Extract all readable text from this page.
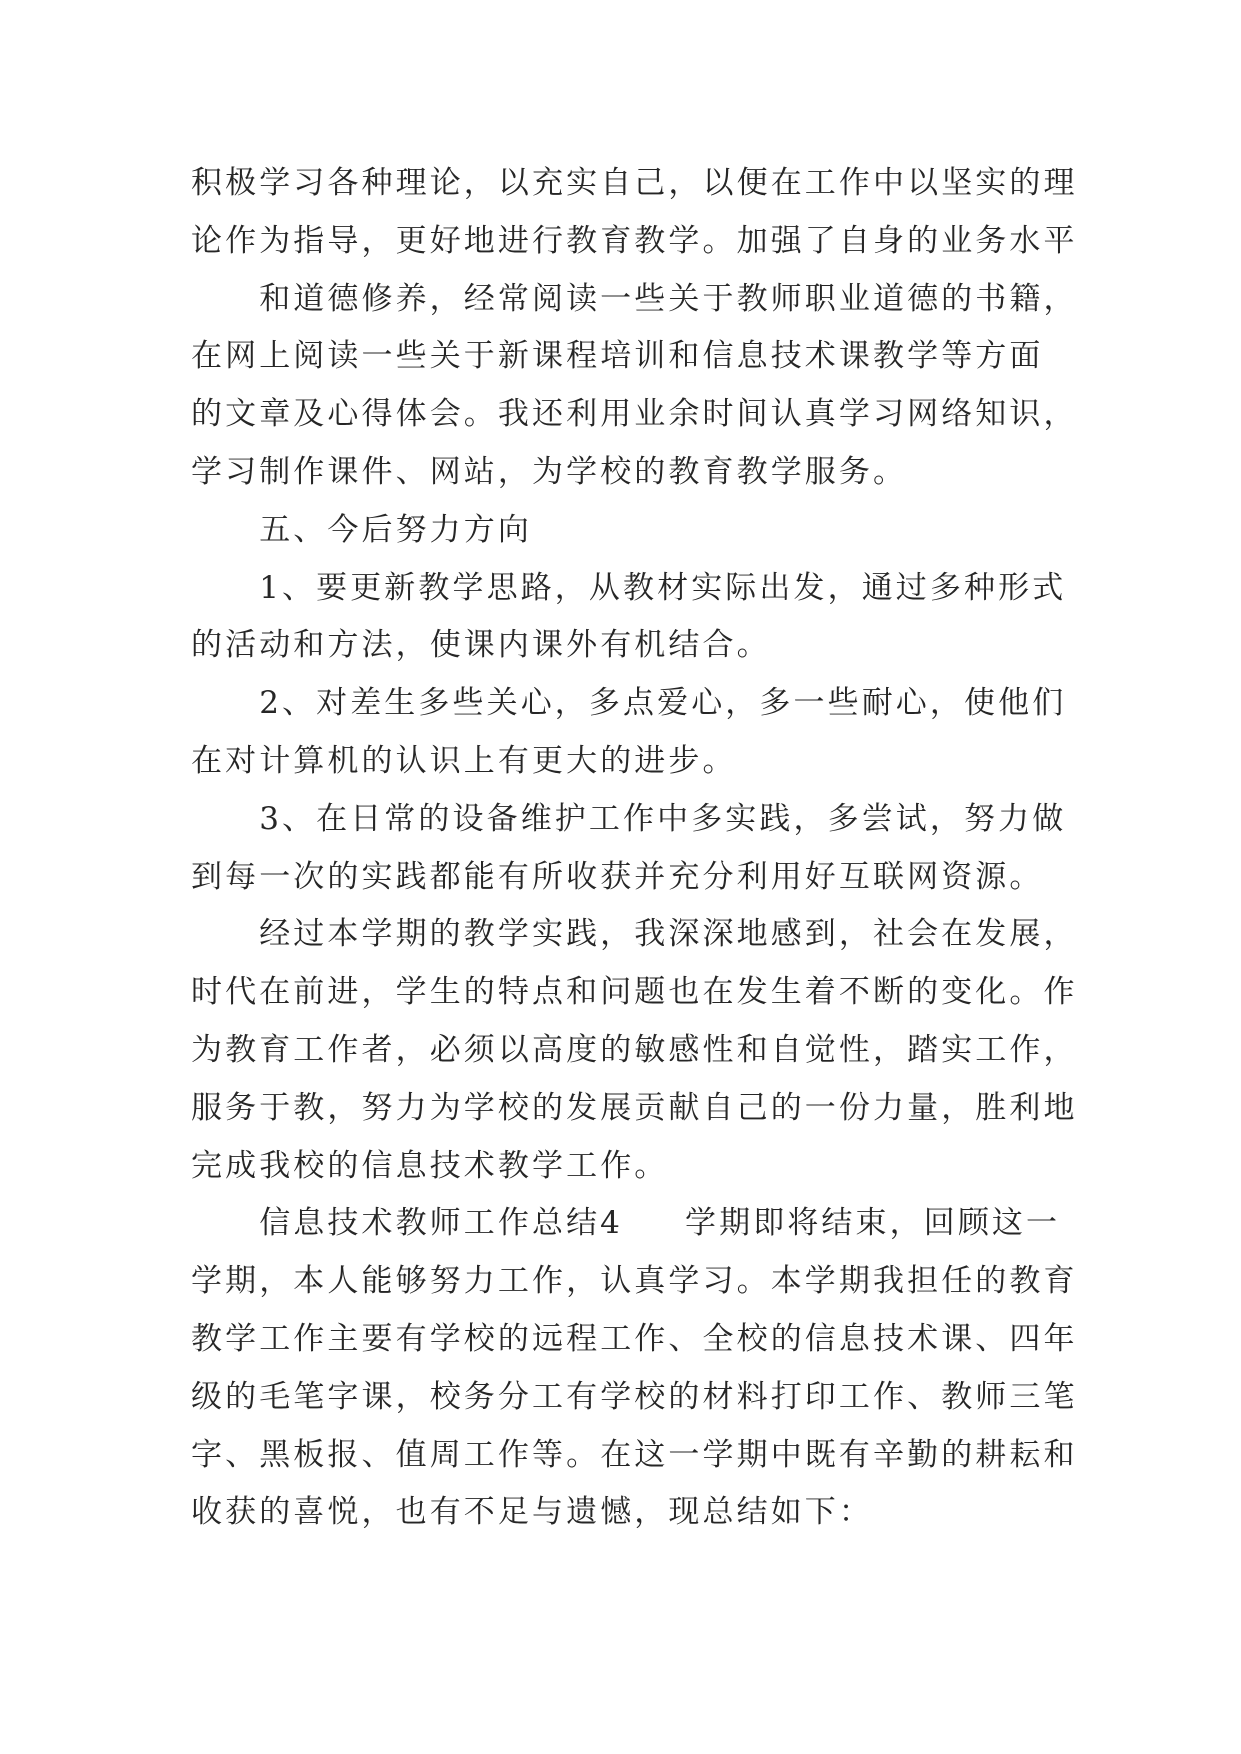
积极学习各种理论，以充实自己，以便在工作中以坚实的理
论作为指导，更好地进行教育教学。加强了自身的业务水平

和道德修养，经常阅读一些关于教师职业道德的书籍，
在网上阅读一些关于新课程培训和信息技术课教学等方面
的文章及心得体会。我还利用业余时间认真学习网络知识，
学习制作课件、网站，为学校的教育教学服务。

五、今后努力方向

1、要更新教学思路，从教材实际出发，通过多种形式
的活动和方法，使课内课外有机结合。

2、对差生多些关心，多点爱心，多一些耐心，使他们
在对计算机的认识上有更大的进步。

3、在日常的设备维护工作中多实践，多尝试，努力做
到每一次的实践都能有所收获并充分利用好互联网资源。

经过本学期的教学实践，我深深地感到，社会在发展，
时代在前进，学生的特点和问题也在发生着不断的变化。作
为教育工作者，必须以高度的敏感性和自觉性，踏实工作，
服务于教，努力为学校的发展贡献自己的一份力量，胜利地
完成我校的信息技术教学工作。

信息技术教师工作总结4 学期即将结束，回顾这一
学期，本人能够努力工作，认真学习。本学期我担任的教育
教学工作主要有学校的远程工作、全校的信息技术课、四年
级的毛笔字课，校务分工有学校的材料打印工作、教师三笔
字、黑板报、值周工作等。在这一学期中既有辛勤的耕耘和
收获的喜悦，也有不足与遗憾，现总结如下：
